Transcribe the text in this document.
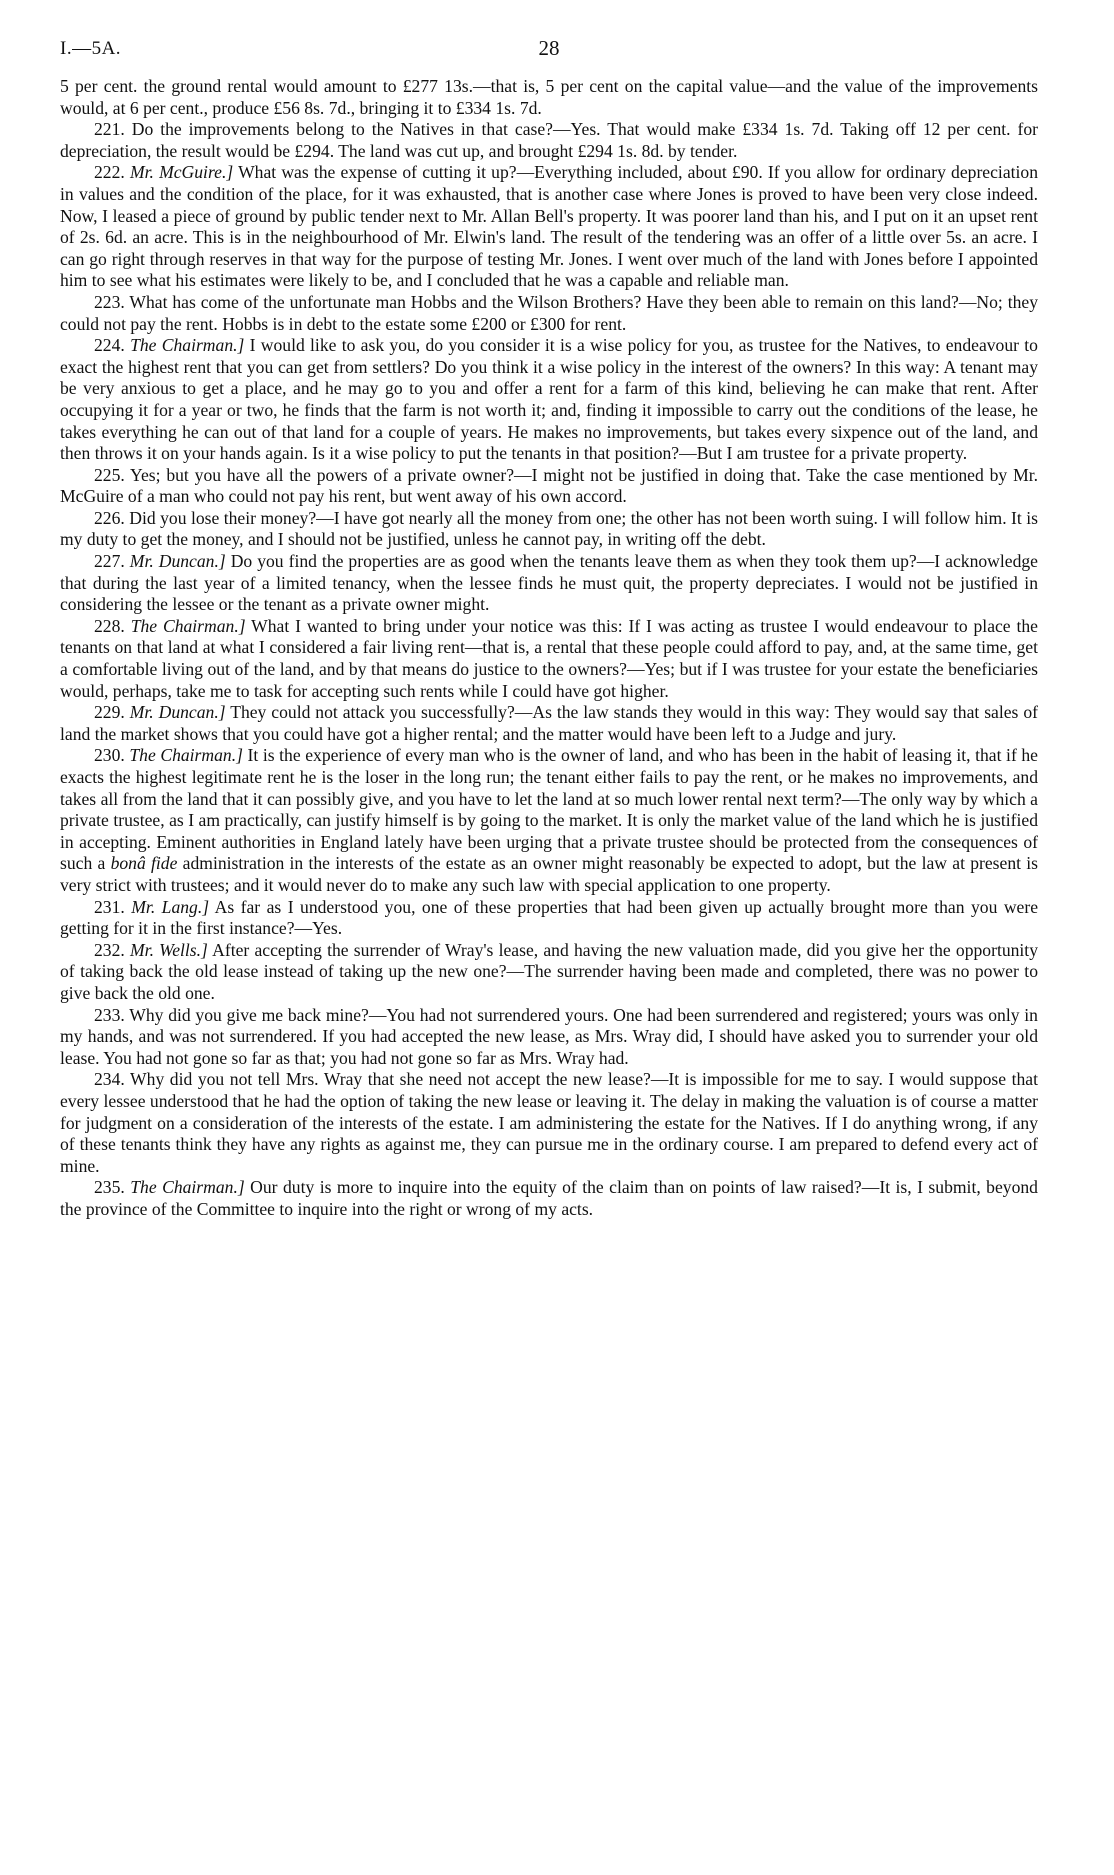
I.—5A.	28

5 per cent. the ground rental would amount to £277 13s.—that is, 5 per cent on the capital value—and the value of the improvements would, at 6 per cent., produce £56 8s. 7d., bringing it to £334 1s. 7d.

221. Do the improvements belong to the Natives in that case?—Yes. That would make £334 1s. 7d. Taking off 12 per cent. for depreciation, the result would be £294. The land was cut up, and brought £294 1s. 8d. by tender.

222. Mr. McGuire.] What was the expense of cutting it up?—Everything included, about £90. If you allow for ordinary depreciation in values and the condition of the place, for it was exhausted, that is another case where Jones is proved to have been very close indeed. Now, I leased a piece of ground by public tender next to Mr. Allan Bell's property. It was poorer land than his, and I put on it an upset rent of 2s. 6d. an acre. This is in the neighbourhood of Mr. Elwin's land. The result of the tendering was an offer of a little over 5s. an acre. I can go right through reserves in that way for the purpose of testing Mr. Jones. I went over much of the land with Jones before I appointed him to see what his estimates were likely to be, and I concluded that he was a capable and reliable man.

223. What has come of the unfortunate man Hobbs and the Wilson Brothers? Have they been able to remain on this land?—No; they could not pay the rent. Hobbs is in debt to the estate some £200 or £300 for rent.

224. The Chairman.] I would like to ask you, do you consider it is a wise policy for you, as trustee for the Natives, to endeavour to exact the highest rent that you can get from settlers? Do you think it a wise policy in the interest of the owners? In this way: A tenant may be very anxious to get a place, and he may go to you and offer a rent for a farm of this kind, believing he can make that rent. After occupying it for a year or two, he finds that the farm is not worth it; and, finding it impossible to carry out the conditions of the lease, he takes everything he can out of that land for a couple of years. He makes no improvements, but takes every sixpence out of the land, and then throws it on your hands again. Is it a wise policy to put the tenants in that position?—But I am trustee for a private property.

225. Yes; but you have all the powers of a private owner?—I might not be justified in doing that. Take the case mentioned by Mr. McGuire of a man who could not pay his rent, but went away of his own accord.

226. Did you lose their money?—I have got nearly all the money from one; the other has not been worth suing. I will follow him. It is my duty to get the money, and I should not be justified, unless he cannot pay, in writing off the debt.

227. Mr. Duncan.] Do you find the properties are as good when the tenants leave them as when they took them up?—I acknowledge that during the last year of a limited tenancy, when the lessee finds he must quit, the property depreciates. I would not be justified in considering the lessee or the tenant as a private owner might.

228. The Chairman.] What I wanted to bring under your notice was this: If I was acting as trustee I would endeavour to place the tenants on that land at what I considered a fair living rent—that is, a rental that these people could afford to pay, and, at the same time, get a comfortable living out of the land, and by that means do justice to the owners?—Yes; but if I was trustee for your estate the beneficiaries would, perhaps, take me to task for accepting such rents while I could have got higher.

229. Mr. Duncan.] They could not attack you successfully?—As the law stands they would in this way: They would say that sales of land the market shows that you could have got a higher rental; and the matter would have been left to a Judge and jury.

230. The Chairman.] It is the experience of every man who is the owner of land, and who has been in the habit of leasing it, that if he exacts the highest legitimate rent he is the loser in the long run; the tenant either fails to pay the rent, or he makes no improvements, and takes all from the land that it can possibly give, and you have to let the land at so much lower rental next term?—The only way by which a private trustee, as I am practically, can justify himself is by going to the market. It is only the market value of the land which he is justified in accepting. Eminent authorities in England lately have been urging that a private trustee should be protected from the consequences of such a bonâ fide administration in the interests of the estate as an owner might reasonably be expected to adopt, but the law at present is very strict with trustees; and it would never do to make any such law with special application to one property.

231. Mr. Lang.] As far as I understood you, one of these properties that had been given up actually brought more than you were getting for it in the first instance?—Yes.

232. Mr. Wells.] After accepting the surrender of Wray's lease, and having the new valuation made, did you give her the opportunity of taking back the old lease instead of taking up the new one?—The surrender having been made and completed, there was no power to give back the old one.

233. Why did you give me back mine?—You had not surrendered yours. One had been surrendered and registered; yours was only in my hands, and was not surrendered. If you had accepted the new lease, as Mrs. Wray did, I should have asked you to surrender your old lease. You had not gone so far as that; you had not gone so far as Mrs. Wray had.

234. Why did you not tell Mrs. Wray that she need not accept the new lease?—It is impossible for me to say. I would suppose that every lessee understood that he had the option of taking the new lease or leaving it. The delay in making the valuation is of course a matter for judgment on a consideration of the interests of the estate. I am administering the estate for the Natives. If I do anything wrong, if any of these tenants think they have any rights as against me, they can pursue me in the ordinary course. I am prepared to defend every act of mine.

235. The Chairman.] Our duty is more to inquire into the equity of the claim than on points of law raised?—It is, I submit, beyond the province of the Committee to inquire into the right or wrong of my acts.
